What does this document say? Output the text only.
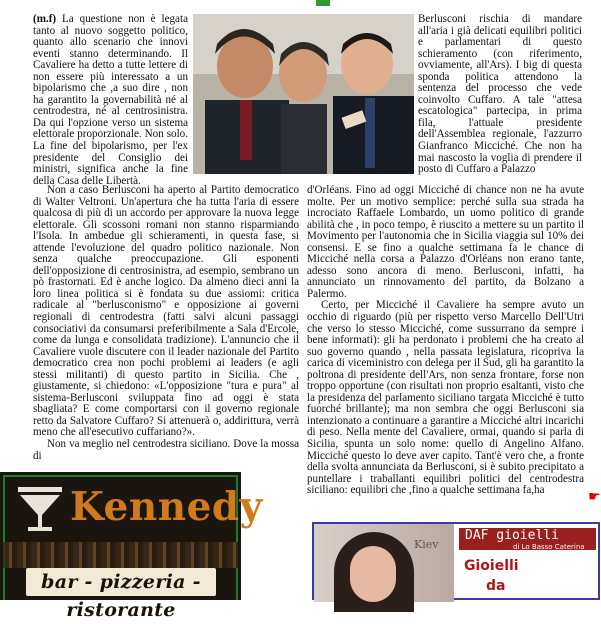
(m.f) La questione non è legata tanto al nuovo soggetto politico, quanto allo scenario che innovi eventi stanno determinando. Il Cavaliere ha detto a tutte lettere di non essere più interessato a un bipolarismo che ,a suo dire , non ha garantito la governabilità né al centrodestra, né al centrosinistra. Da qui l'opzione verso un sistema elettorale proporzionale. Non solo. La fine del bipolarismo, per l'ex presidente del Consiglio dei ministri, significa anche la fine della Casa delle Libertà.

Berlusconi rischia di mandare all'aria i già delicati equilibri politici e parlamentari di questo schieramento (con riferimento, ovviamente, all'Ars). I big di questa sponda politica attendono la sentenza del processo che vede coinvolto Cuffaro. A tale "attesa escatologica" partecipa, in prima fila, l'attuale presidente dell'Assemblea regionale, l'azzurro Gianfranco Micciché. Che non ha mai nascosto la voglia di prendere il posto di Cuffaro a Palazzo

Non a caso Berlusconi ha aperto al Partito democratico di Walter Veltroni. Un'apertura che ha tutta l'aria di essere qualcosa di più di un accordo per approvare la nuova legge elettorale. Gli scossoni romani non stanno risparmiando l'Isola. In ambedue gli schieramenti, in questa fase, si attende l'evoluzione del quadro politico nazionale. Non senza qualche preoccupazione. Gli esponenti dell'opposizione di centrosinistra, ad esempio, sembrano un pò frastornati. Ed è anche logico. Da almeno dieci anni la loro linea politica si è fondata su due assiomi: critica radicale al "berlusconismo" e opposizione ai governi regionali di centrodestra (fatti salvi alcuni passaggi consociativi da consumarsi preferibilmente a Sala d'Ercole, come da lunga e consolidata tradizione). L'annuncio che il Cavaliere vuole discutere con il leader nazionale del Partito democratico crea non pochi problemi ai leaders (e agli stessi militanti) di questo partito in Sicilia. Che , giustamente, si chiedono: «L'opposizione "tura e pura" al sistema-Berlusconi sviluppata fino ad oggi è stata sbagliata? E come comportarsi con il governo regionale retto da Salvatore Cuffaro? Si attenuerà o, addirittura, verrà meno che all'esecutivo cuffariano?».

Non va meglio nel centrodestra siciliano. Dove la mossa di

d'Orléans. Fino ad oggi Micciché di chance non ne ha avute molte. Per un motivo semplice: perché sulla sua strada ha incrociato Raffaele Lombardo, un uomo politico di grande abilità che , in poco tempo, è riuscito a mettere su un partito il Movimento per l'autonomia che in Sicilia viaggia sul 10% dei consensi. E se fino a qualche settimana fa le chance di Micciché nella corsa a Palazzo d'Orléans non erano tante, adesso sono ancora di meno. Berlusconi, infatti, ha annunciato un rinnovamento del partito, da Bolzano a Palermo.

Certo, per Micciché il Cavaliere ha sempre avuto un occhio di riguardo (più per rispetto verso Marcello Dell'Utri che verso lo stesso Micciché, come sussurrano da sempre i bene informati): gli ha perdonato i problemi che ha creato al suo governo quando , nella passata legislatura, ricopriva la carica di viceministro con delega per il Sud, gli ha garantito la poltrona di presidente dell'Ars, non senza frontare, forse non troppo opportune (con risultati non proprio esaltanti, visto che la presidenza del parlamento siciliano targata Micciché è tutto fuorché brillante); ma non sembra che oggi Berlusconi sia intenzionato a continuare a garantire a Micciché altri incarichi di peso. Nella mente del Cavaliere, ormai, quando si parla di Sicilia, spunta un solo nome: quello di Angelino Alfano. Micciché questo lo deve aver capito. Tant'è vero che, a fronte della svolta annunciata da Berlusconi, si è subito precipitato a puntellare i traballanti equilibri politici del centrodestra siciliano: equilibri che ,fino a qualche settimana fa,ha	☛
Kennedy
bar - pizzeria - ristorante
Kiev
DAF gioielli
di Lo Basso Caterina
Gioielli
da
